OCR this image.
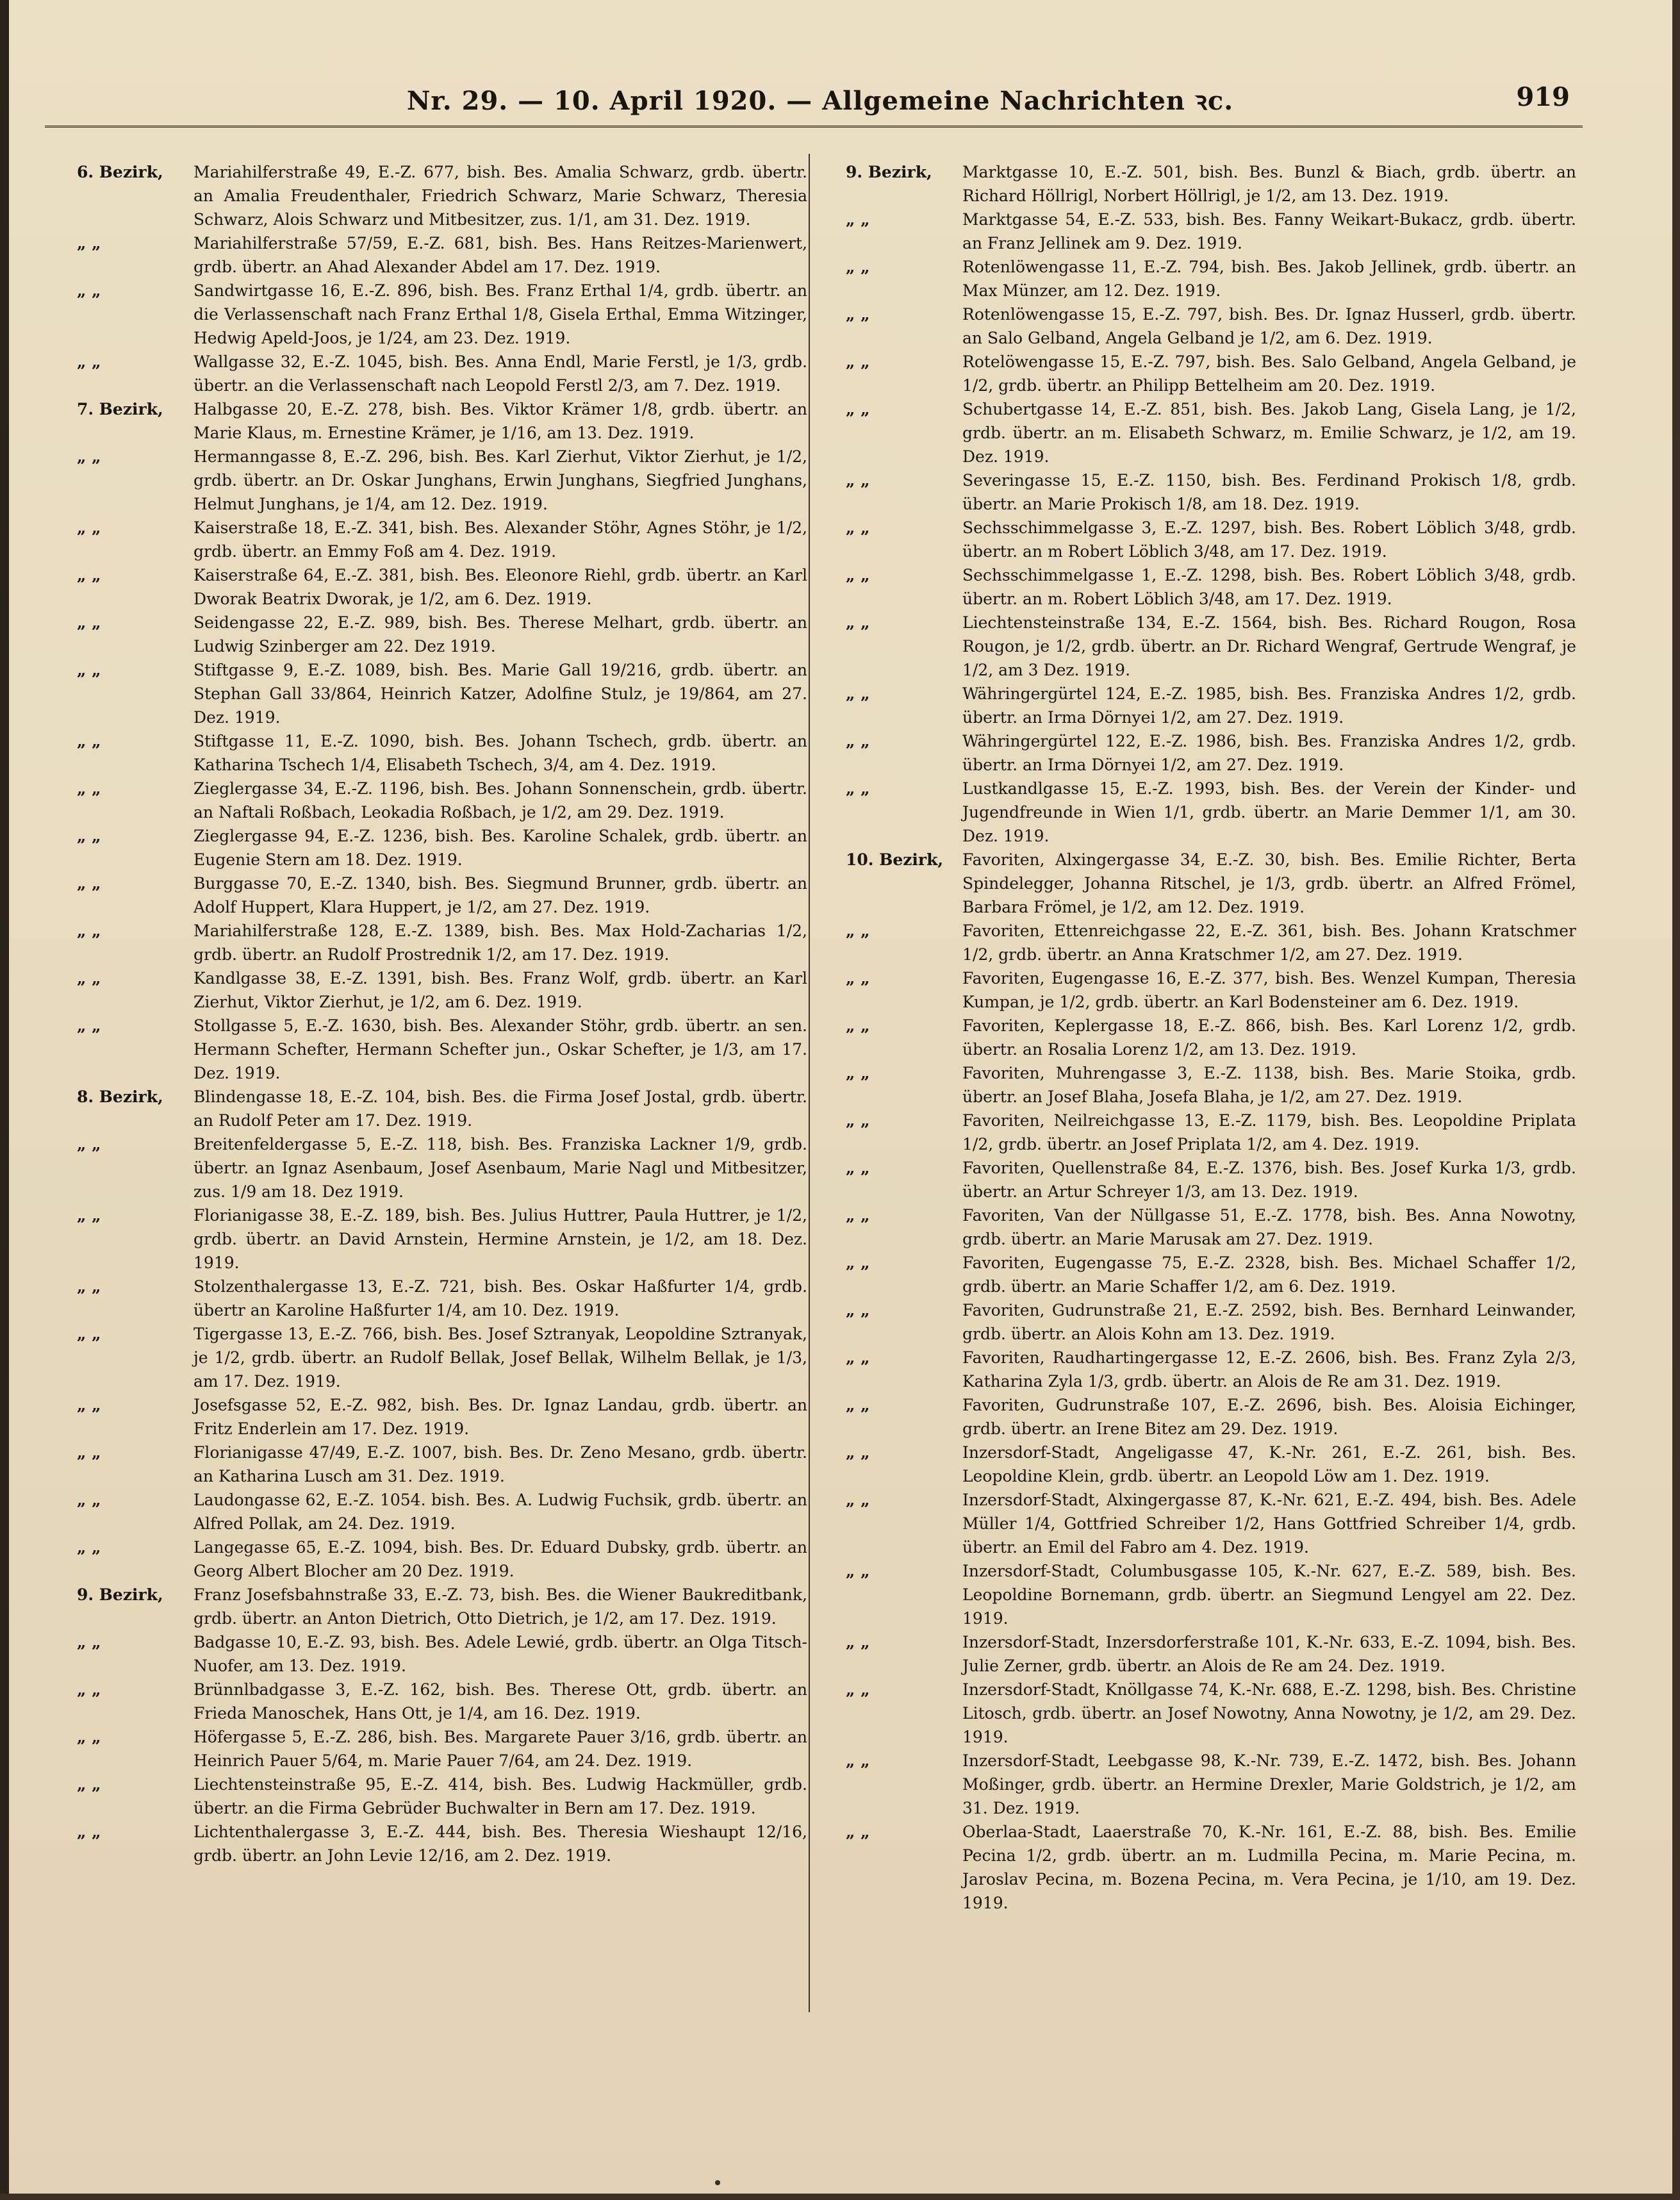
Nr. 29. — 10. April 1920. — Allgemeine Nachrichten ꝛc.	919

6. Bezirk,	Mariahilferstraße 49, E.-Z. 677, bish. Bes. Amalia Schwarz, grdb. übertr. an Amalia Freudenthaler, Friedrich Schwarz, Marie Schwarz, Theresia Schwarz, Alois Schwarz und Mitbesitzer, zus. 1/1, am 31. Dez. 1919.

„ „	Mariahilferstraße 57/59, E.-Z. 681, bish. Bes. Hans Reitzes-Marienwert, grdb. übertr. an Ahad Alexander Abdel am 17. Dez. 1919.

„ „	Sandwirtgasse 16, E.-Z. 896, bish. Bes. Franz Erthal 1/4, grdb. übertr. an die Verlassenschaft nach Franz Erthal 1/8, Gisela Erthal, Emma Witzinger, Hedwig Apeld-Joos, je 1/24, am 23. Dez. 1919.

„ „	Wallgasse 32, E.-Z. 1045, bish. Bes. Anna Endl, Marie Ferstl, je 1/3, grdb. übertr. an die Verlassenschaft nach Leopold Ferstl 2/3, am 7. Dez. 1919.

7. Bezirk,	Halbgasse 20, E.-Z. 278, bish. Bes. Viktor Krämer 1/8, grdb. übertr. an Marie Klaus, m. Ernestine Krämer, je 1/16, am 13. Dez. 1919.

„ „	Hermanngasse 8, E.-Z. 296, bish. Bes. Karl Zierhut, Viktor Zierhut, je 1/2, grdb. übertr. an Dr. Oskar Junghans, Erwin Junghans, Siegfried Junghans, Helmut Junghans, je 1/4, am 12. Dez. 1919.

„ „	Kaiserstraße 18, E.-Z. 341, bish. Bes. Alexander Stöhr, Agnes Stöhr, je 1/2, grdb. übertr. an Emmy Foß am 4. Dez. 1919.

„ „	Kaiserstraße 64, E.-Z. 381, bish. Bes. Eleonore Riehl, grdb. übertr. an Karl Dworak Beatrix Dworak, je 1/2, am 6. Dez. 1919.

„ „	Seidengasse 22, E.-Z. 989, bish. Bes. Therese Melhart, grdb. übertr. an Ludwig Szinberger am 22. Dez 1919.

„ „	Stiftgasse 9, E.-Z. 1089, bish. Bes. Marie Gall 19/216, grdb. übertr. an Stephan Gall 33/864, Heinrich Katzer, Adolfine Stulz, je 19/864, am 27. Dez. 1919.

„ „	Stiftgasse 11, E.-Z. 1090, bish. Bes. Johann Tschech, grdb. übertr. an Katharina Tschech 1/4, Elisabeth Tschech, 3/4, am 4. Dez. 1919.

„ „	Zieglergasse 34, E.-Z. 1196, bish. Bes. Johann Sonnenschein, grdb. übertr. an Naftali Roßbach, Leokadia Roßbach, je 1/2, am 29. Dez. 1919.

„ „	Zieglergasse 94, E.-Z. 1236, bish. Bes. Karoline Schalek, grdb. übertr. an Eugenie Stern am 18. Dez. 1919.

„ „	Burggasse 70, E.-Z. 1340, bish. Bes. Siegmund Brunner, grdb. übertr. an Adolf Huppert, Klara Huppert, je 1/2, am 27. Dez. 1919.

„ „	Mariahilferstraße 128, E.-Z. 1389, bish. Bes. Max Hold-Zacharias 1/2, grdb. übertr. an Rudolf Prostrednik 1/2, am 17. Dez. 1919.

„ „	Kandlgasse 38, E.-Z. 1391, bish. Bes. Franz Wolf, grdb. übertr. an Karl Zierhut, Viktor Zierhut, je 1/2, am 6. Dez. 1919.

„ „	Stollgasse 5, E.-Z. 1630, bish. Bes. Alexander Stöhr, grdb. übertr. an sen. Hermann Schefter, Hermann Schefter jun., Oskar Schefter, je 1/3, am 17. Dez. 1919.

8. Bezirk,	Blindengasse 18, E.-Z. 104, bish. Bes. die Firma Josef Jostal, grdb. übertr. an Rudolf Peter am 17. Dez. 1919.

„ „	Breitenfeldergasse 5, E.-Z. 118, bish. Bes. Franziska Lackner 1/9, grdb. übertr. an Ignaz Asenbaum, Josef Asenbaum, Marie Nagl und Mitbesitzer, zus. 1/9 am 18. Dez 1919.

„ „	Florianigasse 38, E.-Z. 189, bish. Bes. Julius Huttrer, Paula Huttrer, je 1/2, grdb. übertr. an David Arnstein, Hermine Arnstein, je 1/2, am 18. Dez. 1919.

„ „	Stolzenthalergasse 13, E.-Z. 721, bish. Bes. Oskar Haßfurter 1/4, grdb. übertr an Karoline Haßfurter 1/4, am 10. Dez. 1919.

„ „	Tigergasse 13, E.-Z. 766, bish. Bes. Josef Sztranyak, Leopoldine Sztranyak, je 1/2, grdb. übertr. an Rudolf Bellak, Josef Bellak, Wilhelm Bellak, je 1/3, am 17. Dez. 1919.

„ „	Josefsgasse 52, E.-Z. 982, bish. Bes. Dr. Ignaz Landau, grdb. übertr. an Fritz Enderlein am 17. Dez. 1919.

„ „	Florianigasse 47/49, E.-Z. 1007, bish. Bes. Dr. Zeno Mesano, grdb. übertr. an Katharina Lusch am 31. Dez. 1919.

„ „	Laudongasse 62, E.-Z. 1054. bish. Bes. A. Ludwig Fuchsik, grdb. übertr. an Alfred Pollak, am 24. Dez. 1919.

„ „	Langegasse 65, E.-Z. 1094, bish. Bes. Dr. Eduard Dubsky, grdb. übertr. an Georg Albert Blocher am 20 Dez. 1919.

9. Bezirk,	Franz Josefsbahnstraße 33, E.-Z. 73, bish. Bes. die Wiener Baukreditbank, grdb. übertr. an Anton Dietrich, Otto Dietrich, je 1/2, am 17. Dez. 1919.

„ „	Badgasse 10, E.-Z. 93, bish. Bes. Adele Lewié, grdb. übertr. an Olga Titsch-Nuofer, am 13. Dez. 1919.

„ „	Brünnlbadgasse 3, E.-Z. 162, bish. Bes. Therese Ott, grdb. übertr. an Frieda Manoschek, Hans Ott, je 1/4, am 16. Dez. 1919.

„ „	Höfergasse 5, E.-Z. 286, bish. Bes. Margarete Pauer 3/16, grdb. übertr. an Heinrich Pauer 5/64, m. Marie Pauer 7/64, am 24. Dez. 1919.

„ „	Liechtensteinstraße 95, E.-Z. 414, bish. Bes. Ludwig Hackmüller, grdb. übertr. an die Firma Gebrüder Buchwalter in Bern am 17. Dez. 1919.

„ „	Lichtenthalergasse 3, E.-Z. 444, bish. Bes. Theresia Wieshaupt 12/16, grdb. übertr. an John Levie 12/16, am 2. Dez. 1919.

9. Bezirk,	Marktgasse 10, E.-Z. 501, bish. Bes. Bunzl & Biach, grdb. übertr. an Richard Höllrigl, Norbert Höllrigl, je 1/2, am 13. Dez. 1919.

„ „	Marktgasse 54, E.-Z. 533, bish. Bes. Fanny Weikart-Bukacz, grdb. übertr. an Franz Jellinek am 9. Dez. 1919.

„ „	Rotenlöwengasse 11, E.-Z. 794, bish. Bes. Jakob Jellinek, grdb. übertr. an Max Münzer, am 12. Dez. 1919.

„ „	Rotenlöwengasse 15, E.-Z. 797, bish. Bes. Dr. Ignaz Husserl, grdb. übertr. an Salo Gelband, Angela Gelband je 1/2, am 6. Dez. 1919.

„ „	Rotelöwengasse 15, E.-Z. 797, bish. Bes. Salo Gelband, Angela Gelband, je 1/2, grdb. übertr. an Philipp Bettelheim am 20. Dez. 1919.

„ „	Schubertgasse 14, E.-Z. 851, bish. Bes. Jakob Lang, Gisela Lang, je 1/2, grdb. übertr. an m. Elisabeth Schwarz, m. Emilie Schwarz, je 1/2, am 19. Dez. 1919.

„ „	Severingasse 15, E.-Z. 1150, bish. Bes. Ferdinand Prokisch 1/8, grdb. übertr. an Marie Prokisch 1/8, am 18. Dez. 1919.

„ „	Sechsschimmelgasse 3, E.-Z. 1297, bish. Bes. Robert Löblich 3/48, grdb. übertr. an m Robert Löblich 3/48, am 17. Dez. 1919.

„ „	Sechsschimmelgasse 1, E.-Z. 1298, bish. Bes. Robert Löblich 3/48, grdb. übertr. an m. Robert Löblich 3/48, am 17. Dez. 1919.

„ „	Liechtensteinstraße 134, E.-Z. 1564, bish. Bes. Richard Rougon, Rosa Rougon, je 1/2, grdb. übertr. an Dr. Richard Wengraf, Gertrude Wengraf, je 1/2, am 3 Dez. 1919.

„ „	Währingergürtel 124, E.-Z. 1985, bish. Bes. Franziska Andres 1/2, grdb. übertr. an Irma Dörnyei 1/2, am 27. Dez. 1919.

„ „	Währingergürtel 122, E.-Z. 1986, bish. Bes. Franziska Andres 1/2, grdb. übertr. an Irma Dörnyei 1/2, am 27. Dez. 1919.

„ „	Lustkandlgasse 15, E.-Z. 1993, bish. Bes. der Verein der Kinder- und Jugendfreunde in Wien 1/1, grdb. übertr. an Marie Demmer 1/1, am 30. Dez. 1919.

10. Bezirk,	Favoriten, Alxingergasse 34, E.-Z. 30, bish. Bes. Emilie Richter, Berta Spindelegger, Johanna Ritschel, je 1/3, grdb. übertr. an Alfred Frömel, Barbara Frömel, je 1/2, am 12. Dez. 1919.

„ „	Favoriten, Ettenreichgasse 22, E.-Z. 361, bish. Bes. Johann Kratschmer 1/2, grdb. übertr. an Anna Kratschmer 1/2, am 27. Dez. 1919.

„ „	Favoriten, Eugengasse 16, E.-Z. 377, bish. Bes. Wenzel Kumpan, Theresia Kumpan, je 1/2, grdb. übertr. an Karl Bodensteiner am 6. Dez. 1919.

„ „	Favoriten, Keplergasse 18, E.-Z. 866, bish. Bes. Karl Lorenz 1/2, grdb. übertr. an Rosalia Lorenz 1/2, am 13. Dez. 1919.

„ „	Favoriten, Muhrengasse 3, E.-Z. 1138, bish. Bes. Marie Stoika, grdb. übertr. an Josef Blaha, Josefa Blaha, je 1/2, am 27. Dez. 1919.

„ „	Favoriten, Neilreichgasse 13, E.-Z. 1179, bish. Bes. Leopoldine Priplata 1/2, grdb. übertr. an Josef Priplata 1/2, am 4. Dez. 1919.

„ „	Favoriten, Quellenstraße 84, E.-Z. 1376, bish. Bes. Josef Kurka 1/3, grdb. übertr. an Artur Schreyer 1/3, am 13. Dez. 1919.

„ „	Favoriten, Van der Nüllgasse 51, E.-Z. 1778, bish. Bes. Anna Nowotny, grdb. übertr. an Marie Marusak am 27. Dez. 1919.

„ „	Favoriten, Eugengasse 75, E.-Z. 2328, bish. Bes. Michael Schaffer 1/2, grdb. übertr. an Marie Schaffer 1/2, am 6. Dez. 1919.

„ „	Favoriten, Gudrunstraße 21, E.-Z. 2592, bish. Bes. Bernhard Leinwander, grdb. übertr. an Alois Kohn am 13. Dez. 1919.

„ „	Favoriten, Raudhartingergasse 12, E.-Z. 2606, bish. Bes. Franz Zyla 2/3, Katharina Zyla 1/3, grdb. übertr. an Alois de Re am 31. Dez. 1919.

„ „	Favoriten, Gudrunstraße 107, E.-Z. 2696, bish. Bes. Aloisia Eichinger, grdb. übertr. an Irene Bitez am 29. Dez. 1919.

„ „	Inzersdorf-Stadt, Angeligasse 47, K.-Nr. 261, E.-Z. 261, bish. Bes. Leopoldine Klein, grdb. übertr. an Leopold Löw am 1. Dez. 1919.

„ „	Inzersdorf-Stadt, Alxingergasse 87, K.-Nr. 621, E.-Z. 494, bish. Bes. Adele Müller 1/4, Gottfried Schreiber 1/2, Hans Gottfried Schreiber 1/4, grdb. übertr. an Emil del Fabro am 4. Dez. 1919.

„ „	Inzersdorf-Stadt, Columbusgasse 105, K.-Nr. 627, E.-Z. 589, bish. Bes. Leopoldine Bornemann, grdb. übertr. an Siegmund Lengyel am 22. Dez. 1919.

„ „	Inzersdorf-Stadt, Inzersdorferstraße 101, K.-Nr. 633, E.-Z. 1094, bish. Bes. Julie Zerner, grdb. übertr. an Alois de Re am 24. Dez. 1919.

„ „	Inzersdorf-Stadt, Knöllgasse 74, K.-Nr. 688, E.-Z. 1298, bish. Bes. Christine Litosch, grdb. übertr. an Josef Nowotny, Anna Nowotny, je 1/2, am 29. Dez. 1919.

„ „	Inzersdorf-Stadt, Leebgasse 98, K.-Nr. 739, E.-Z. 1472, bish. Bes. Johann Moßinger, grdb. übertr. an Hermine Drexler, Marie Goldstrich, je 1/2, am 31. Dez. 1919.

„ „	Oberlaa-Stadt, Laaerstraße 70, K.-Nr. 161, E.-Z. 88, bish. Bes. Emilie Pecina 1/2, grdb. übertr. an m. Ludmilla Pecina, m. Marie Pecina, m. Jaroslav Pecina, m. Bozena Pecina, m. Vera Pecina, je 1/10, am 19. Dez. 1919.
